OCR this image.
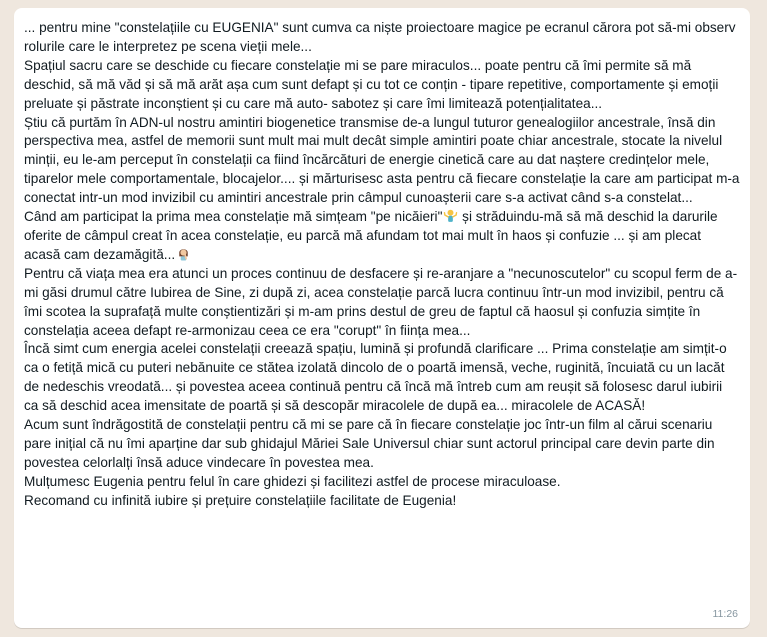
... pentru mine "constelațiile cu EUGENIA" sunt cumva ca niște proiectoare magice pe ecranul cărora pot să-mi observ rolurile care le interpretez pe scena vieții mele...
Spațiul sacru care se deschide cu fiecare constelație mi se pare miraculos... poate pentru că îmi permite să mă deschid, să mă văd și să mă arăt așa cum sunt defapt și cu tot ce conțin - tipare repetitive, comportamente și emoții preluate și păstrate inconștient și cu care mă auto- sabotez și care îmi limitează potențialitatea...
Știu că purtăm în ADN-ul nostru amintiri biogenetice transmise de-a lungul tuturor genealogiilor ancestrale, însă din perspectiva mea, astfel de memorii sunt mult mai mult decât simple amintiri poate chiar ancestrale, stocate la nivelul minții, eu le-am perceput în constelații ca fiind încărcături de energie cinetică care au dat naștere credințelor mele, tiparelor mele comportamentale, blocajelor.... și mărturisesc asta pentru că fiecare constelație la care am participat m-a conectat intr-un mod invizibil cu amintiri ancestrale prin câmpul cunoașterii care s-a activat când s-a constelat...
Când am participat la prima mea constelație mă simțeam "pe nicăieri" și străduindu-mă să mă deschid la darurile oferite de câmpul creat în acea constelație, eu parcă mă afundam tot mai mult în haos și confuzie ... și am plecat acasă cam dezamăgită...
Pentru că viața mea era atunci un proces continuu de desfacere și re-aranjare a "necunoscutelor" cu scopul ferm de a-mi găsi drumul către Iubirea de Sine, zi după zi, acea constelație parcă lucra continuu într-un mod invizibil, pentru că îmi scotea la suprafață multe conștientizări și m-am prins destul de greu de faptul că haosul și confuzia simțite în constelația aceea defapt re-armonizau ceea ce era "corupt" în ființa mea...
Încă simt cum energia acelei constelații creează spațiu, lumină și profundă clarificare ... Prima constelație am simțit-o ca o fetiță mică cu puteri nebănuite ce stătea izolată dincolo de o poartă imensă, veche, ruginită, încuiată cu un lacăt de nedeschis vreodată... și povestea aceea continuă pentru că încă mă întreb cum am reușit să folosesc darul iubirii ca să deschid acea imensitate de poartă și să descopăr miracolele de după ea... miracolele de ACASĂ!
Acum sunt îndrăgostită de constelații pentru că mi se pare că în fiecare constelație joc într-un film al cărui scenariu pare inițial că nu îmi aparține dar sub ghidajul Măriei Sale Universul chiar sunt actorul principal care devin parte din povestea celorlalți însă aduce vindecare în povestea mea.
Mulțumesc Eugenia pentru felul în care ghidezi și facilitezi astfel de procese miraculoase.
Recomand cu infinită iubire și prețuire constelațiile facilitate de Eugenia!

11:26
